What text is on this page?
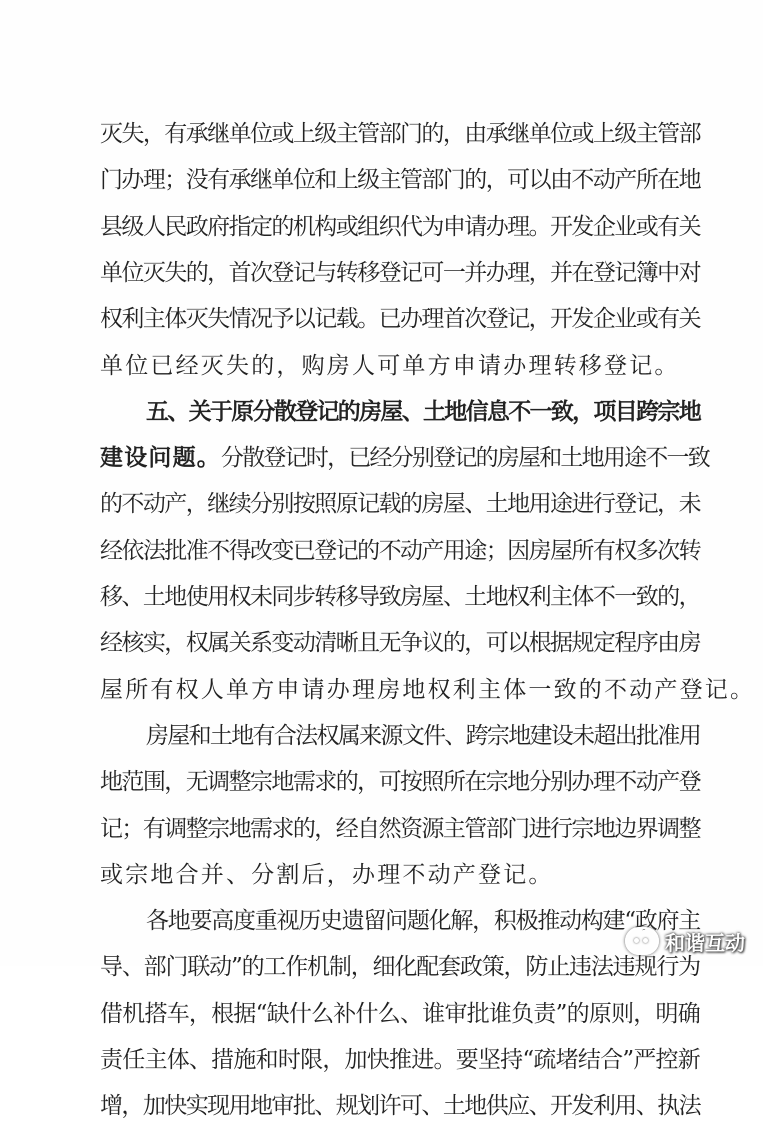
灭失，有承继单位或上级主管部门的，由承继单位或上级主管部
门办理；没有承继单位和上级主管部门的，可以由不动产所在地
县级人民政府指定的机构或组织代为申请办理。开发企业或有关
单位灭失的，首次登记与转移登记可一并办理，并在登记簿中对
权利主体灭失情况予以记载。已办理首次登记，开发企业或有关
单位已经灭失的，购房人可单方申请办理转移登记。
五、关于原分散登记的房屋、土地信息不一致，项目跨宗地
建设问题。分散登记时，已经分别登记的房屋和土地用途不一致
的不动产，继续分别按照原记载的房屋、土地用途进行登记，未
经依法批准不得改变已登记的不动产用途；因房屋所有权多次转
移、土地使用权未同步转移导致房屋、土地权利主体不一致的，
经核实，权属关系变动清晰且无争议的，可以根据规定程序由房
屋所有权人单方申请办理房地权利主体一致的不动产登记。
房屋和土地有合法权属来源文件、跨宗地建设未超出批准用
地范围，无调整宗地需求的，可按照所在宗地分别办理不动产登
记；有调整宗地需求的，经自然资源主管部门进行宗地边界调整
或宗地合并、分割后，办理不动产登记。
各地要高度重视历史遗留问题化解，积极推动构建“政府主
导、部门联动”的工作机制，细化配套政策，防止违法违规行为
借机搭车，根据“缺什么补什么、谁审批谁负责”的原则，明确
责任主体、措施和时限，加快推进。要坚持“疏堵结合”严控新
增，加快实现用地审批、规划许可、土地供应、开发利用、执法
和谐互动
